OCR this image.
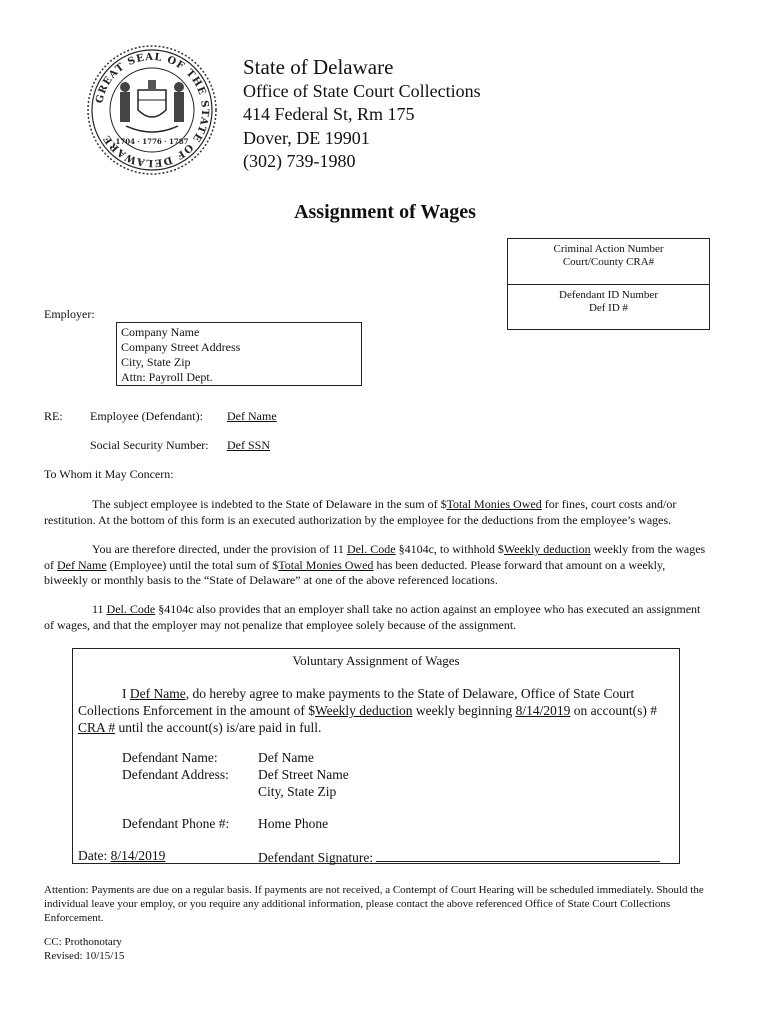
GREAT SEAL OF THE STATE OF DELAWARE 1704 · 1776 · 1787
State of Delaware
Office of State Court Collections
414 Federal St, Rm 175
Dover, DE 19901
(302) 739-1980
Assignment of Wages
Criminal Action Number
Court/County CRA#
Defendant ID Number
Def ID #
Employer:
Company Name
Company Street Address
City, State Zip
Attn: Payroll Dept.
RE: Employee (Defendant): Def Name
Social Security Number: Def SSN
To Whom it May Concern:
The subject employee is indebted to the State of Delaware in the sum of $Total Monies Owed for fines, court costs and/or restitution. At the bottom of this form is an executed authorization by the employee for the deductions from the employee’s wages.
You are therefore directed, under the provision of 11 Del. Code §4104c, to withhold $Weekly deduction weekly from the wages of Def Name (Employee) until the total sum of $Total Monies Owed has been deducted. Please forward that amount on a weekly, biweekly or monthly basis to the “State of Delaware” at one of the above referenced locations.
11 Del. Code §4104c also provides that an employer shall take no action against an employee who has executed an assignment of wages, and that the employer may not penalize that employee solely because of the assignment.
Voluntary Assignment of Wages
I Def Name, do hereby agree to make payments to the State of Delaware, Office of State Court Collections Enforcement in the amount of $Weekly deduction weekly beginning 8/14/2019 on account(s) # CRA # until the account(s) is/are paid in full.
Defendant Name:	Def Name
Defendant Address: Def Street Name
City, State Zip
Defendant Phone #: Home Phone
Date: 8/14/2019	Defendant Signature:
Attention: Payments are due on a regular basis. If payments are not received, a Contempt of Court Hearing will be scheduled immediately. Should the individual leave your employ, or you require any additional information, please contact the above referenced Office of State Court Collections Enforcement.
CC: Prothonotary
Revised: 10/15/15
